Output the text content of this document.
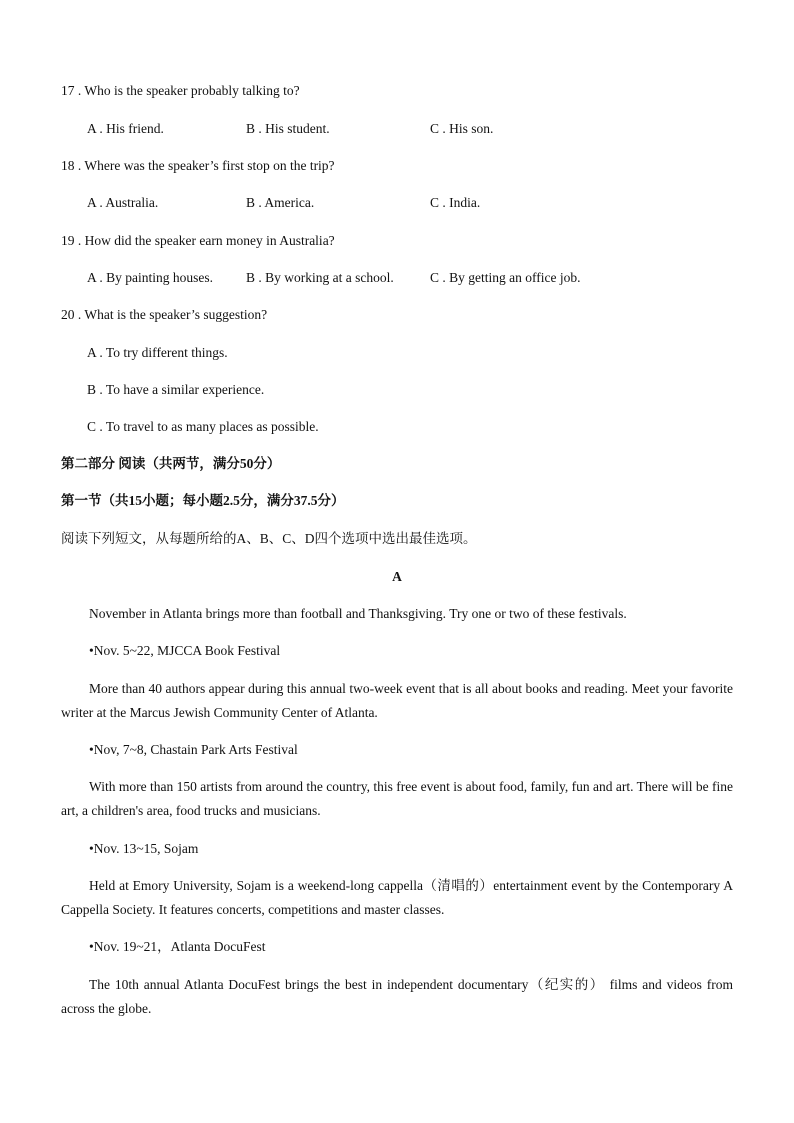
17 . Who is the speaker probably talking to?
A . His friend.	B . His student.	C . His son.
18 . Where was the speaker’s first stop on the trip?
A . Australia.	B . America.	C . India.
19 . How did the speaker earn money in Australia?
A . By painting houses. B . By working at a school.	C . By getting an office job.
20 . What is the speaker’s suggestion?
A . To try different things.
B . To have a similar experience.
C . To travel to as many places as possible.
第二部分 阅读（共两节，满分50分）
第一节（共15小题；每小题2.5分，满分37.5分）
阅读下列短文，从每题所给的A、B、C、D四个选项中选出最佳选项。
A
November in Atlanta brings more than football and Thanksgiving. Try one or two of these festivals.
•Nov. 5~22, MJCCA Book Festival
More than 40 authors appear during this annual two-week event that is all about books and reading. Meet your favorite writer at the Marcus Jewish Community Center of Atlanta.
•Nov, 7~8, Chastain Park Arts Festival
With more than 150 artists from around the country, this free event is about food, family, fun and art. There will be fine art, a children's area, food trucks and musicians.
•Nov. 13~15, Sojam
Held at Emory University, Sojam is a weekend-long cappella（清唱的）entertainment event by the Contemporary A Cappella Society. It features concerts, competitions and master classes.
•Nov. 19~21，Atlanta DocuFest
The 10th annual Atlanta DocuFest brings the best in independent documentary（纪实的） films and videos from across the globe.
